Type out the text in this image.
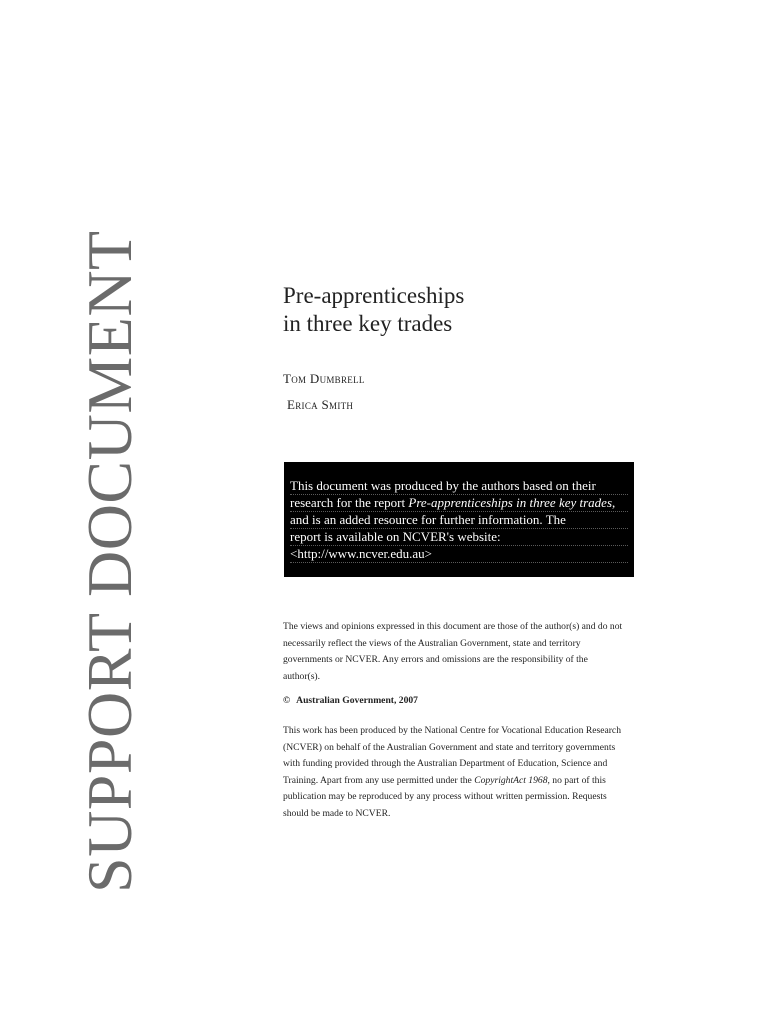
SUPPORT DOCUMENT	Pre-apprenticeships
in three key trades
Tom Dumbrell
Erica Smith
This document was produced by the authors based on their
research for the report Pre-apprenticeships in three key trades,
and is an added resource for further information. The
report is available on NCVER's website:
<http://www.ncver.edu.au>
The views and opinions expressed in this document are those of the author(s) and do not necessarily reflect the views of the Australian Government, state and territory governments or NCVER. Any errors and omissions are the responsibility of the author(s).
© Australian Government, 2007
This work has been produced by the National Centre for Vocational Education Research (NCVER) on behalf of the Australian Government and state and territory governments with funding provided through the Australian Department of Education, Science and Training. Apart from any use permitted under the CopyrightAct 1968, no part of this publication may be reproduced by any process without written permission. Requests should be made to NCVER.
